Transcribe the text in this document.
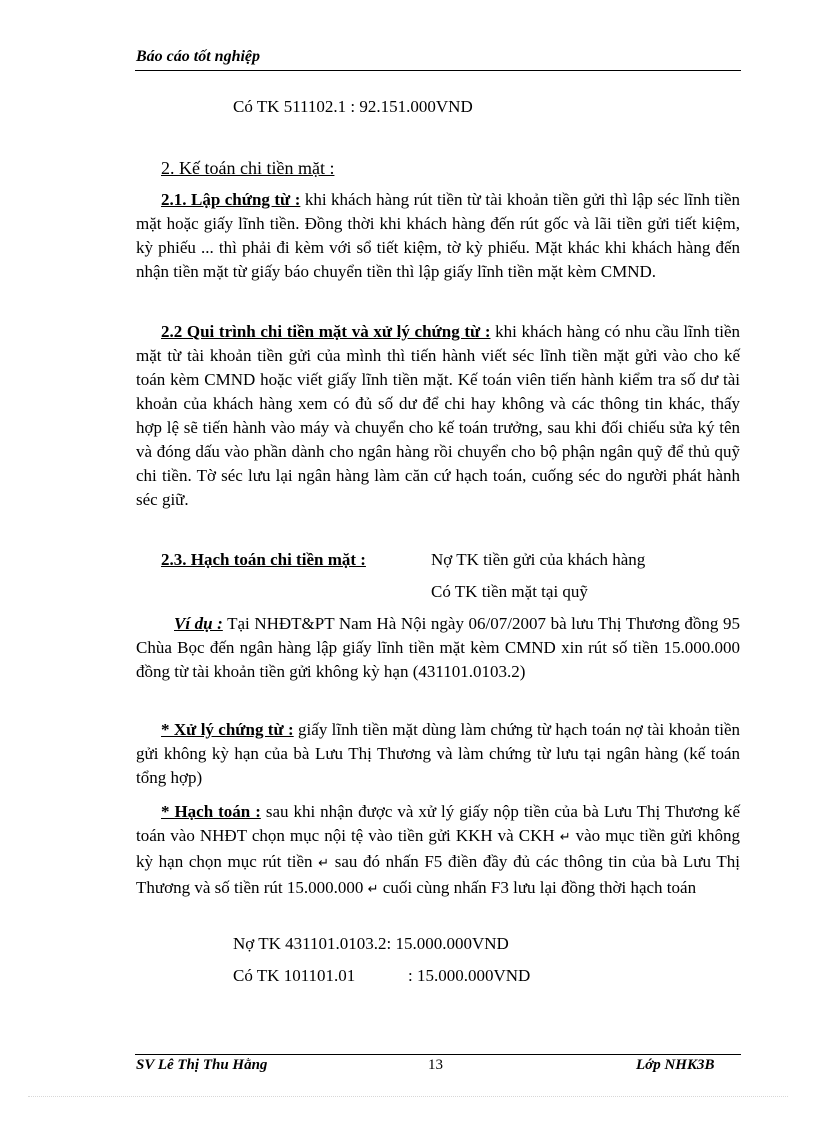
Báo cáo tốt nghiệp
Có TK 511102.1 : 92.151.000VND
2. Kế toán chi tiền mặt :
2.1. Lập chứng từ : khi khách hàng rút tiền từ tài khoản tiền gửi thì lập séc lĩnh tiền mặt hoặc giấy lĩnh tiền. Đồng thời khi khách hàng đến rút gốc và lãi tiền gửi tiết kiệm, kỳ phiếu ... thì phải đi kèm với sổ tiết kiệm, tờ kỳ phiếu. Mặt khác khi khách hàng đến nhận tiền mặt từ giấy báo chuyển tiền thì lập giấy lĩnh tiền mặt kèm CMND.
2.2 Qui trình chi tiền mặt và xử lý chứng từ : khi khách hàng có nhu cầu lĩnh tiền mặt từ tài khoản tiền gửi của mình thì tiến hành viết séc lĩnh tiền mặt gửi vào cho kế toán kèm CMND hoặc viết giấy lĩnh tiền mặt. Kế toán viên tiến hành kiểm tra số dư tài khoản của khách hàng xem có đủ số dư để chi hay không và các thông tin khác, thấy hợp lệ sẽ tiến hành vào máy và chuyển cho kế toán trưởng, sau khi đối chiếu sửa ký tên và đóng dấu vào phần dành cho ngân hàng rồi chuyển cho bộ phận ngân quỹ để thủ quỹ chi tiền. Tờ séc lưu lại ngân hàng làm căn cứ hạch toán, cuống séc do người phát hành séc giữ.
2.3. Hạch toán chi tiền mặt :	Nợ TK tiền gửi của khách hàng
Có TK tiền mặt tại quỹ
Ví dụ : Tại NHĐT&PT Nam Hà Nội ngày 06/07/2007 bà lưu Thị Thương đồng 95 Chùa Bọc đến ngân hàng lập giấy lĩnh tiền mặt kèm CMND xin rút số tiền 15.000.000 đồng từ tài khoản tiền gửi không kỳ hạn (431101.0103.2)
* Xử lý chứng từ : giấy lĩnh tiền mặt dùng làm chứng từ hạch toán nợ tài khoản tiền gửi không kỳ hạn của bà Lưu Thị Thương và làm chứng từ lưu tại ngân hàng (kế toán tổng hợp)
* Hạch toán : sau khi nhận được và xử lý giấy nộp tiền của bà Lưu Thị Thương kế toán vào NHĐT chọn mục nội tệ vào tiền gửi KKH và CKH ↵ vào mục tiền gửi không kỳ hạn chọn mục rút tiền ↵ sau đó nhấn F5 điền đầy đủ các thông tin của bà Lưu Thị Thương và số tiền rút 15.000.000 ↵ cuối cùng nhấn F3 lưu lại đồng thời hạch toán
Nợ TK 431101.0103.2: 15.000.000VND
Có TK 101101.01	: 15.000.000VND
SV Lê Thị Thu Hằng	13	Lớp NHK3B
